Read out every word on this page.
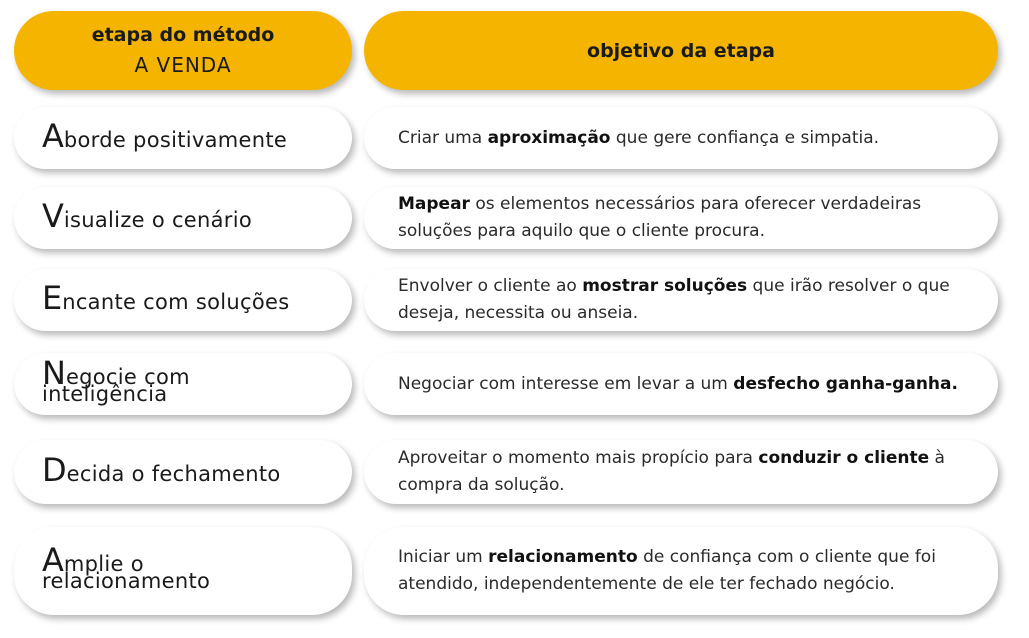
etapa do método
A VENDA
objetivo da etapa
Aborde positivamente	Criar uma aproximação que gere confiança e simpatia.
Visualize o cenário
Mapear os elementos necessários para oferecer verdadeiras soluções para aquilo que o cliente procura.
Encante com soluções
Envolver o cliente ao mostrar soluções que irão resolver o que deseja, necessita ou anseia.
Negocie com
inteligência	Negociar com interesse em levar a um desfecho ganha-ganha.
Decida o fechamento
Aproveitar o momento mais propício para conduzir o cliente à compra da solução.
Amplie o
relacionamento
Iniciar um relacionamento de confiança com o cliente que foi atendido, independentemente de ele ter fechado negócio.
